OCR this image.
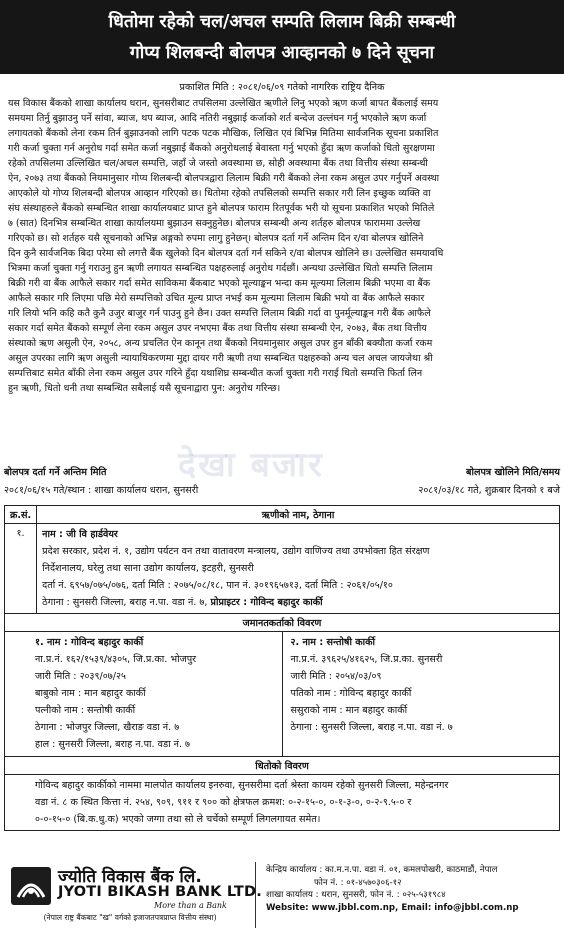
धितोमा रहेको चल/अचल सम्पति लिलाम बिक्री सम्बन्धी
गोप्य शिलबन्दी बोलपत्र आव्हानको ७ दिने सूचना
प्रकाशित मिति : २०८१/०६/०९ गतेको नागरिक राष्ट्रिय दैनिक
यस विकास बैंकको शाखा कार्यालय धरान, सुनसरीबाट तपसिलमा उल्लेखित ऋणीले लिनु भएको ऋण कर्जा बापत बैंकलाई समय
समयमा तिर्नु बुझाउनु पर्ने सांवा, ब्याज, थप ब्याज, आदि नतिरी नबुझाई कर्जाको शर्त बन्देज उल्लंघन गर्नु भएकोले ऋण कर्जा
लगायतको बैंकको लेना रकम तिर्न बुझाउनको लागि पटक पटक मौखिक, लिखित एवं बिभिन्न मितिमा सार्वजनिक सूचना प्रकाशित
गरी कर्जा चुक्ता गर्न अनुरोध गर्दा समेत कर्जा नबुझाई बैंकको अनुरोधलाई बेवास्ता गर्नु भएको हुँदा ऋण कर्जाको धितो सुरक्षणमा
रहेको तपसिलमा उल्लिखित चल/अचल सम्पत्ति, जहाँ जे जस्तो अवस्थामा छ, सोही अवस्थामा बैंक तथा वित्तीय संस्था सम्बन्धी
ऐन, २०७३ तथा बैंकको नियमानुसार गोप्य शिलबन्दी बोलपत्रद्वारा लिलाम बिक्री गरी बैंकको लेना रकम असुल उपर गर्नुपर्ने अवस्था
आएकोले यो गोप्य शिलबन्दी बोलपत्र आव्हान गरिएको छ। धितोमा रहेको तपसिलको सम्पत्ति सकार गरी लिन इच्छुक व्यक्ति वा
संघ संस्थाहरुले बैंकको सम्बन्धित शाखा कार्यालयबाट प्राप्त हुने बोलपत्र फाराम रितपूर्वक भरी यो सूचना प्रकाशित भएको मितिले
७ (सात) दिनभित्र सम्बन्धित शाखा कार्यालयमा बुझाउन सक्नुहुनेछ। बोलपत्र सम्बन्धी अन्य शर्तहरु बोलपत्र फाराममा उल्लेख
गरिएको छ। सो शर्तहरु यसै सूचनाको अभिन्न अङ्गको रुपमा लागु हुनेछन्। बोलपत्र दर्ता गर्ने अन्तिम दिन र/वा बोलपत्र खोलिने
दिन कुनै सार्वजनिक बिदा परेमा सो लगत्तै बैंक खुलेको दिन बोलपत्र दर्ता गर्न सकिने र/वा बोलपत्र खोलिने छ। उल्लेखित समयावधि
भित्रमा कर्जा चुक्ता गर्नु गराउनु हुन ऋणी लगायत सम्बन्धित पक्षहरुलाई अनुरोध गर्दछौं। अन्यथा उल्लेखित धितो सम्पत्ति लिलाम
बिक्री गरी वा बैंक आफैले सकार गर्दा समेत साविकमा बैंकबाट भएको मूल्याङ्कन भन्दा कम मूल्यमा लिलाम बिक्री भएमा वा बैंक
आफैले सकार गरि लिएमा पछि मेरो सम्पत्तिको उचित मूल्य प्राप्त नभई कम मूल्यमा लिलाम बिक्री भयो वा बैंक आफैले सकार
गरि लियो भनि कहि कतै कुनै उजुर बाजुर गर्न पाउनु हुने छैन। उक्त सम्पत्ति लिलाम बिक्री गर्दा वा पुनर्मूल्याङ्कन गरी बैंक आफैले
सकार गर्दा समेत बैंकको सम्पूर्ण लेना रकम असुल उपर नभएमा बैंक तथा वित्तीय संस्था सम्बन्धी ऐन, २०७३, बैंक तथा वित्तीय
संस्थाको ऋण असुली ऐन, २०५८, अन्य प्रचलित ऐन कानून तथा बैंकको नियमानुसार असुल उपर हुन बाँकी बक्यौता कर्जा रकम
असुल उपरका लागि ऋण असुली न्यायाधिकरणमा मुद्दा दायर गरी ऋणी तथा सम्बन्धित पक्षहरुको अन्य चल अचल जायजेथा श्री
सम्पत्तिबाट समेत बाँकी लेना रकम असुल उपर गरिने हुँदा यथाशिघ्र सम्बन्धीत कर्जा चुक्ता गरी गराई धितो सम्पत्ति फिर्ता लिन
हुन ऋणी, धितो धनी तथा सम्बन्धित सबैलाई यसै सूचनाद्वारा पुन: अनुरोध गरिन्छ।
देखा बजार
बोलपत्र दर्ता गर्ने अन्तिम मिति	बोलपत्र खोलिने मिति/समय
२०८१/०६/१५ गते/स्थान : शाखा कार्यालय धरान, सुनसरी	२०८१/०३/१८ गते, शुक्रबार दिनको १ बजे
क्र.सं.	ऋणीको नाम, ठेगाना
१.	नाम : जी वि हार्डवेयर
प्रदेश सरकार, प्रदेश नं. १, उद्योग पर्यटन वन तथा वातावरण मन्त्रालय, उद्योग वाणिज्य तथा उपभोक्ता हित संरक्षण
निर्देशनालय, घरेलु तथा साना उद्योग कार्यालय, इटहरी, सुनसरी
दर्ता नं. ६९५७/०७५/०७६, दर्ता मिति : २०७५/०८/१८, पान नं. ३०१९६५७१३, दर्ता मिति : २०६१/०५/१०
ठेगाना : सुनसरी जिल्ला, बराह न.पा. वडा नं. ७, प्रोप्राइटर : गोविन्द बहादुर कार्की

जमानतकर्ताको विवरण

१. नाम : गोविन्द बहादुर कार्की
ना.प्र.नं. १६२/१५३९/४३०५, जि.प्र.का. भोजपुर
जारी मिति : २०३९/०७/२५
बाबुको नाम : मान बहादुर कार्की
पत्नीको नाम : सन्तोषी कार्की
ठेगाना : भोजपुर जिल्ला, खैराङ वडा नं. ७
हाल : सुनसरी जिल्ला, बराह न.पा. वडा नं. ७

२. नाम : सन्तोषी कार्की
ना.प्र.नं. ३९६२५/४१६२५, जि.प्र.का. सुनसरी
जारी मिति : २०५४/०३/०९
पतिको नाम : गोविन्द बहादुर कार्की
ससुराको नाम : मान बहादुर कार्की
ठेगाना : सुनसरी जिल्ला, बराह न.पा. वडा नं. ७

धितोको विवरण

गोविन्द बहादुर कार्कीको नाममा मालपोत कार्यालय इनरुवा, सुनसरीमा दर्ता श्रेस्ता कायम रहेको सुनसरी जिल्ला, महेन्द्रनगर
वडा नं. ८ क स्थित कित्ता नं. २५४, ९०९, ९११ र ९०० को क्षेत्रफल क्रमश: ०-२-१५-०, ०-१-३-०, ०-२-९.५-० र
०-०-१५-० (बि.क.धु.क) भएको जग्गा तथा सो ले चर्चेको सम्पूर्ण लिगलगायत समेत।
ज्योति विकास बैंक लि.
JYOTI BIKASH BANK LTD.
More than a Bank
(नेपाल राष्ट्र बैंकबाट "ख" वर्गको इजाजतपत्रप्राप्त वित्तीय संस्था)
केन्द्रिय कार्यालय : का.म.न.पा. वडा नं. ०१, कमलपोखरी, काठमाडौं, नेपाल
फोन नं. : ०१-४५७०३०६-१२
शाखा कार्यालय : धरान, सुनसरी, फोन नं. : ०२५-५३१९८४
Website: www.jbbl.com.np, Email: info@jbbl.com.np
